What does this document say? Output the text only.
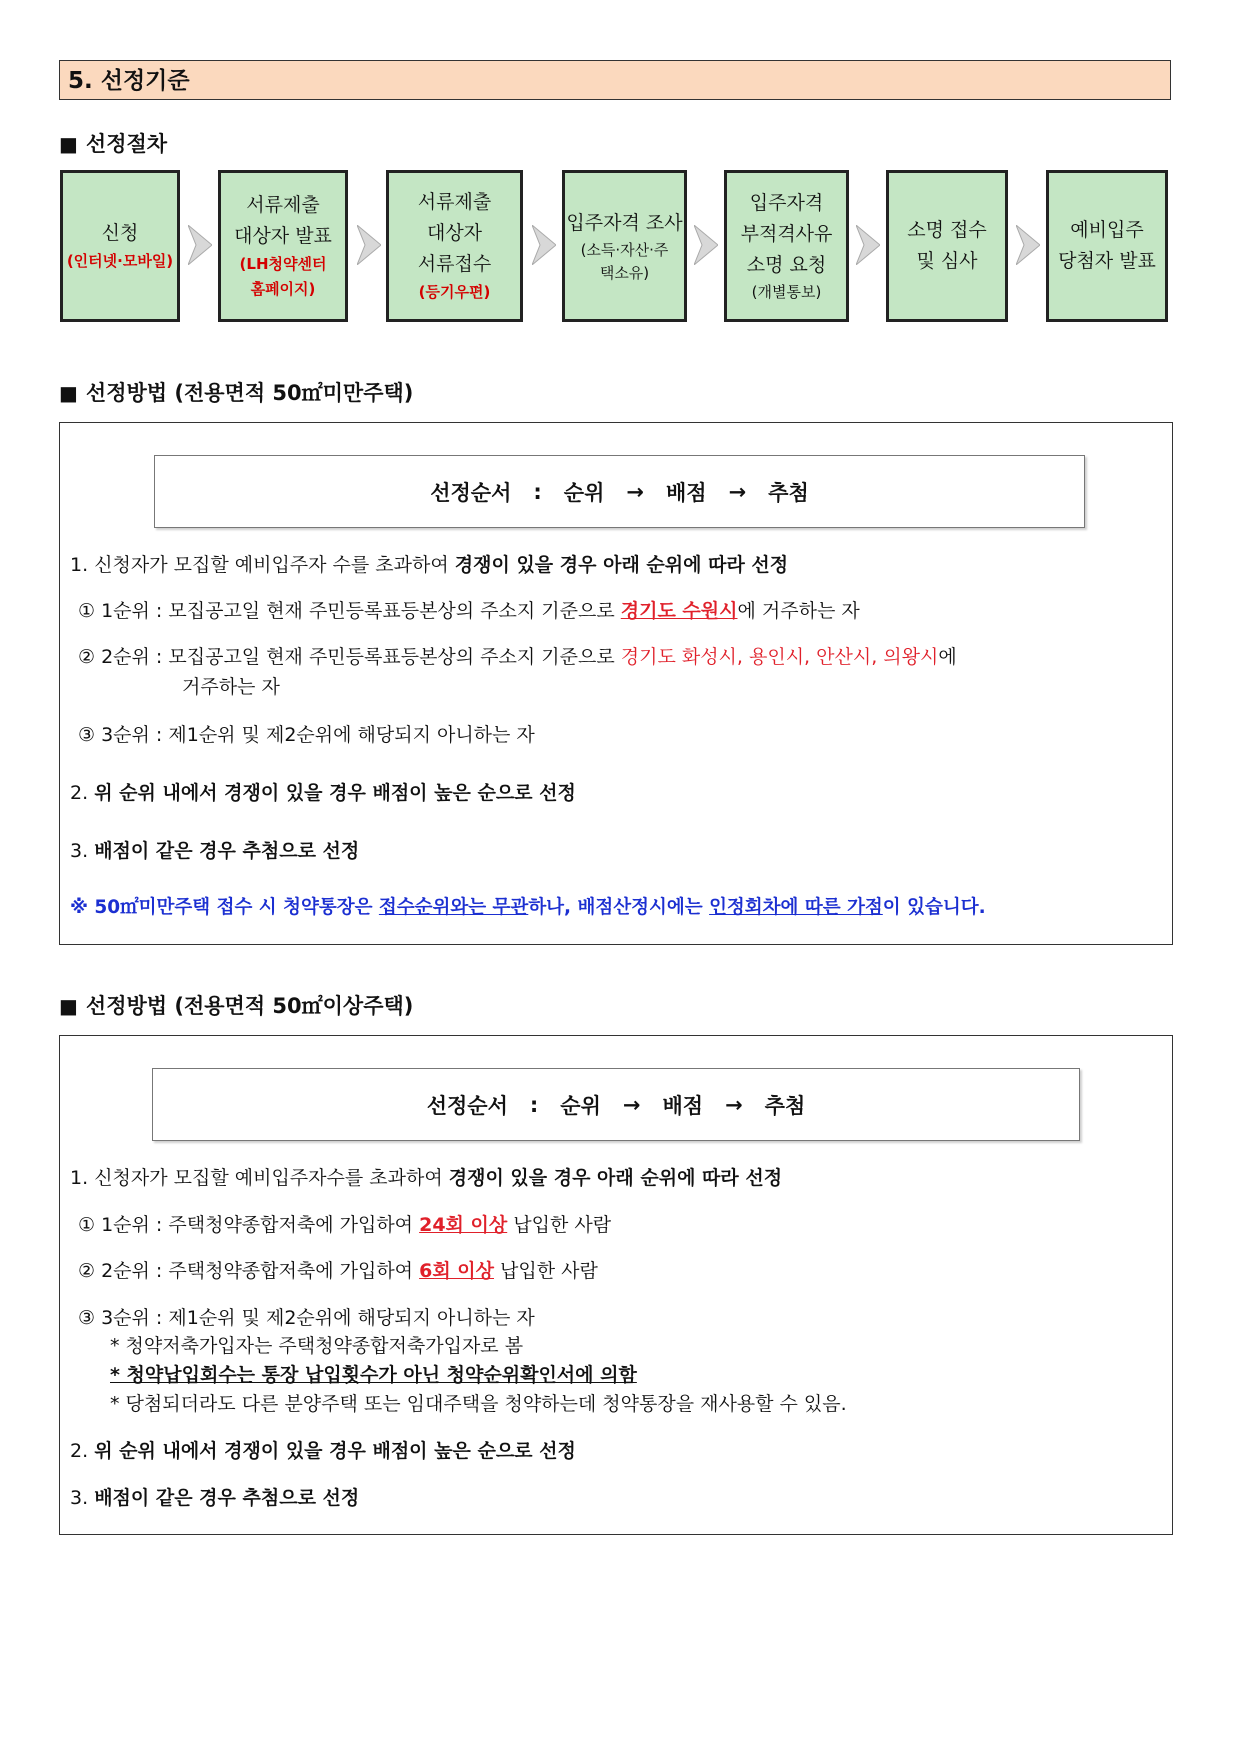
5. 선정기준
■ 선정절차
신청
(인터넷·모바일)
서류제출
대상자 발표
(LH청약센터 홈페이지)
서류제출
대상자
서류접수
(등기우편)
입주자격 조사
(소득·자산·주택소유)
입주자격
부적격사유
소명 요청
(개별통보)
소명 접수
및 심사
예비입주
당첨자 발표
■ 선정방법 (전용면적 50㎡미만주택)
선정순서 : 순위 → 배점 → 추첨
1. 신청자가 모집할 예비입주자 수를 초과하여 경쟁이 있을 경우 아래 순위에 따라 선정
① 1순위 : 모집공고일 현재 주민등록표등본상의 주소지 기준으로 경기도 수원시에 거주하는 자
② 2순위 : 모집공고일 현재 주민등록표등본상의 주소지 기준으로 경기도 화성시, 용인시, 안산시, 의왕시에
거주하는 자
③ 3순위 : 제1순위 및 제2순위에 해당되지 아니하는 자
2. 위 순위 내에서 경쟁이 있을 경우 배점이 높은 순으로 선정
3. 배점이 같은 경우 추첨으로 선정
※ 50㎡미만주택 접수 시 청약통장은 접수순위와는 무관하나, 배점산정시에는 인정회차에 따른 가점이 있습니다.
■ 선정방법 (전용면적 50㎡이상주택)
선정순서 : 순위 → 배점 → 추첨
1. 신청자가 모집할 예비입주자수를 초과하여 경쟁이 있을 경우 아래 순위에 따라 선정
① 1순위 : 주택청약종합저축에 가입하여 24회 이상 납입한 사람
② 2순위 : 주택청약종합저축에 가입하여 6회 이상 납입한 사람
③ 3순위 : 제1순위 및 제2순위에 해당되지 아니하는 자
* 청약저축가입자는 주택청약종합저축가입자로 봄
* 청약납입회수는 통장 납입횟수가 아닌 청약순위확인서에 의함
* 당첨되더라도 다른 분양주택 또는 임대주택을 청약하는데 청약통장을 재사용할 수 있음.
2. 위 순위 내에서 경쟁이 있을 경우 배점이 높은 순으로 선정
3. 배점이 같은 경우 추첨으로 선정
